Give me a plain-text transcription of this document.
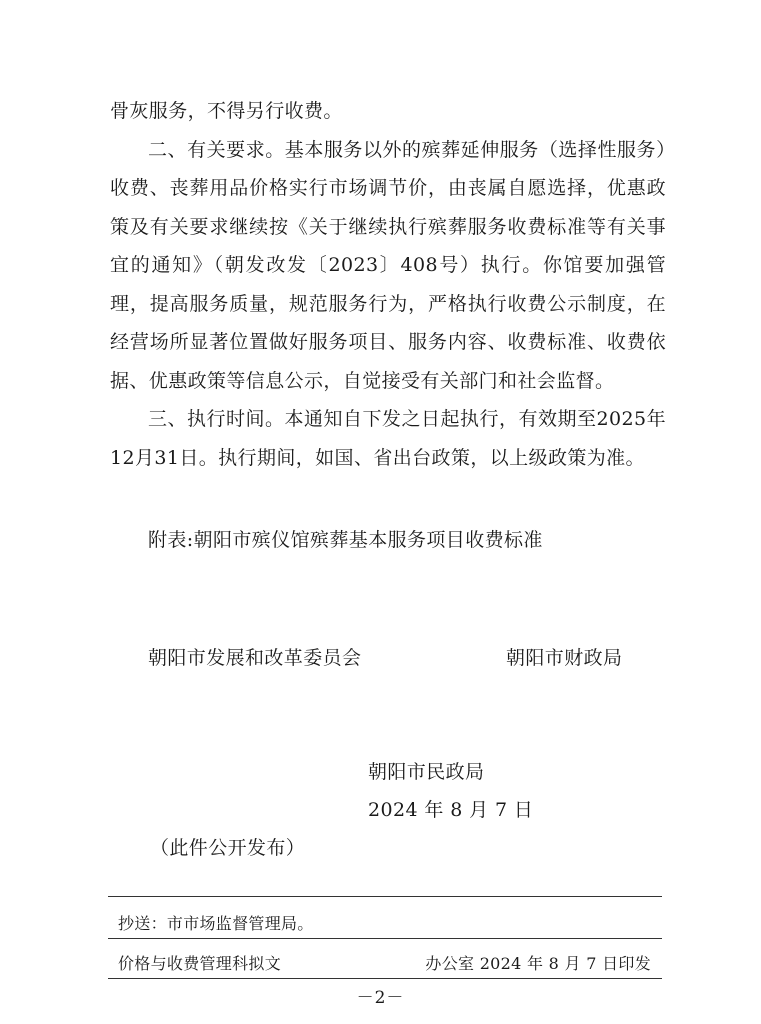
骨灰服务，不得另行收费。

二、有关要求。基本服务以外的殡葬延伸服务（选择性服务）收费、丧葬用品价格实行市场调节价，由丧属自愿选择，优惠政策及有关要求继续按《关于继续执行殡葬服务收费标准等有关事宜的通知》（朝发改发〔2023〕408号）执行。你馆要加强管理，提高服务质量，规范服务行为，严格执行收费公示制度，在经营场所显著位置做好服务项目、服务内容、收费标准、收费依据、优惠政策等信息公示，自觉接受有关部门和社会监督。

三、执行时间。本通知自下发之日起执行，有效期至2025年12月31日。执行期间，如国、省出台政策，以上级政策为准。

附表:朝阳市殡仪馆殡葬基本服务项目收费标准
朝阳市发展和改革委员会	朝阳市财政局
朝阳市民政局
2024 年 8 月 7 日
（此件公开发布）
抄送：市市场监督管理局。
价格与收费管理科拟文	办公室 2024 年 8 月 7 日印发
－2－
